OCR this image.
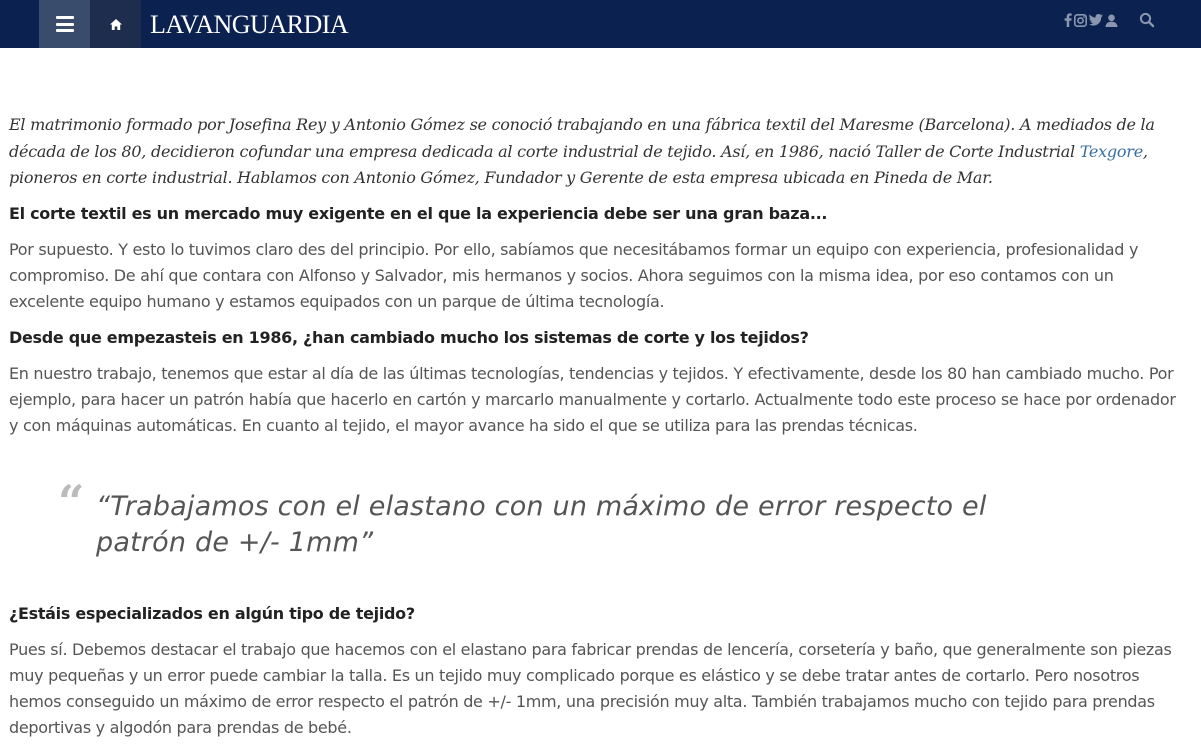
LAVANGUARDIA

El matrimonio formado por Josefina Rey y Antonio Gómez se conoció trabajando en una fábrica textil del Maresme (Barcelona). A mediados de la década de los 80, decidieron cofundar una empresa dedicada al corte industrial de tejido. Así, en 1986, nació Taller de Corte Industrial Texgore, pioneros en corte industrial. Hablamos con Antonio Gómez, Fundador y Gerente de esta empresa ubicada en Pineda de Mar.

El corte textil es un mercado muy exigente en el que la experiencia debe ser una gran baza...

Por supuesto. Y esto lo tuvimos claro des del principio. Por ello, sabíamos que necesitábamos formar un equipo con experiencia, profesionalidad y compromiso. De ahí que contara con Alfonso y Salvador, mis hermanos y socios. Ahora seguimos con la misma idea, por eso contamos con un excelente equipo humano y estamos equipados con un parque de última tecnología.

Desde que empezasteis en 1986, ¿han cambiado mucho los sistemas de corte y los tejidos?

En nuestro trabajo, tenemos que estar al día de las últimas tecnologías, tendencias y tejidos. Y efectivamente, desde los 80 han cambiado mucho. Por ejemplo, para hacer un patrón había que hacerlo en cartón y marcarlo manualmente y cortarlo. Actualmente todo este proceso se hace por ordenador y con máquinas automáticas. En cuanto al tejido, el mayor avance ha sido el que se utiliza para las prendas técnicas.

“ “Trabajamos con el elastano con un máximo de error respecto el patrón de +/- 1mm”

¿Estáis especializados en algún tipo de tejido?

Pues sí. Debemos destacar el trabajo que hacemos con el elastano para fabricar prendas de lencería, corsetería y baño, que generalmente son piezas muy pequeñas y un error puede cambiar la talla. Es un tejido muy complicado porque es elástico y se debe tratar antes de cortarlo. Pero nosotros hemos conseguido un máximo de error respecto el patrón de +/- 1mm, una precisión muy alta. También trabajamos mucho con tejido para prendas deportivas y algodón para prendas de bebé.
